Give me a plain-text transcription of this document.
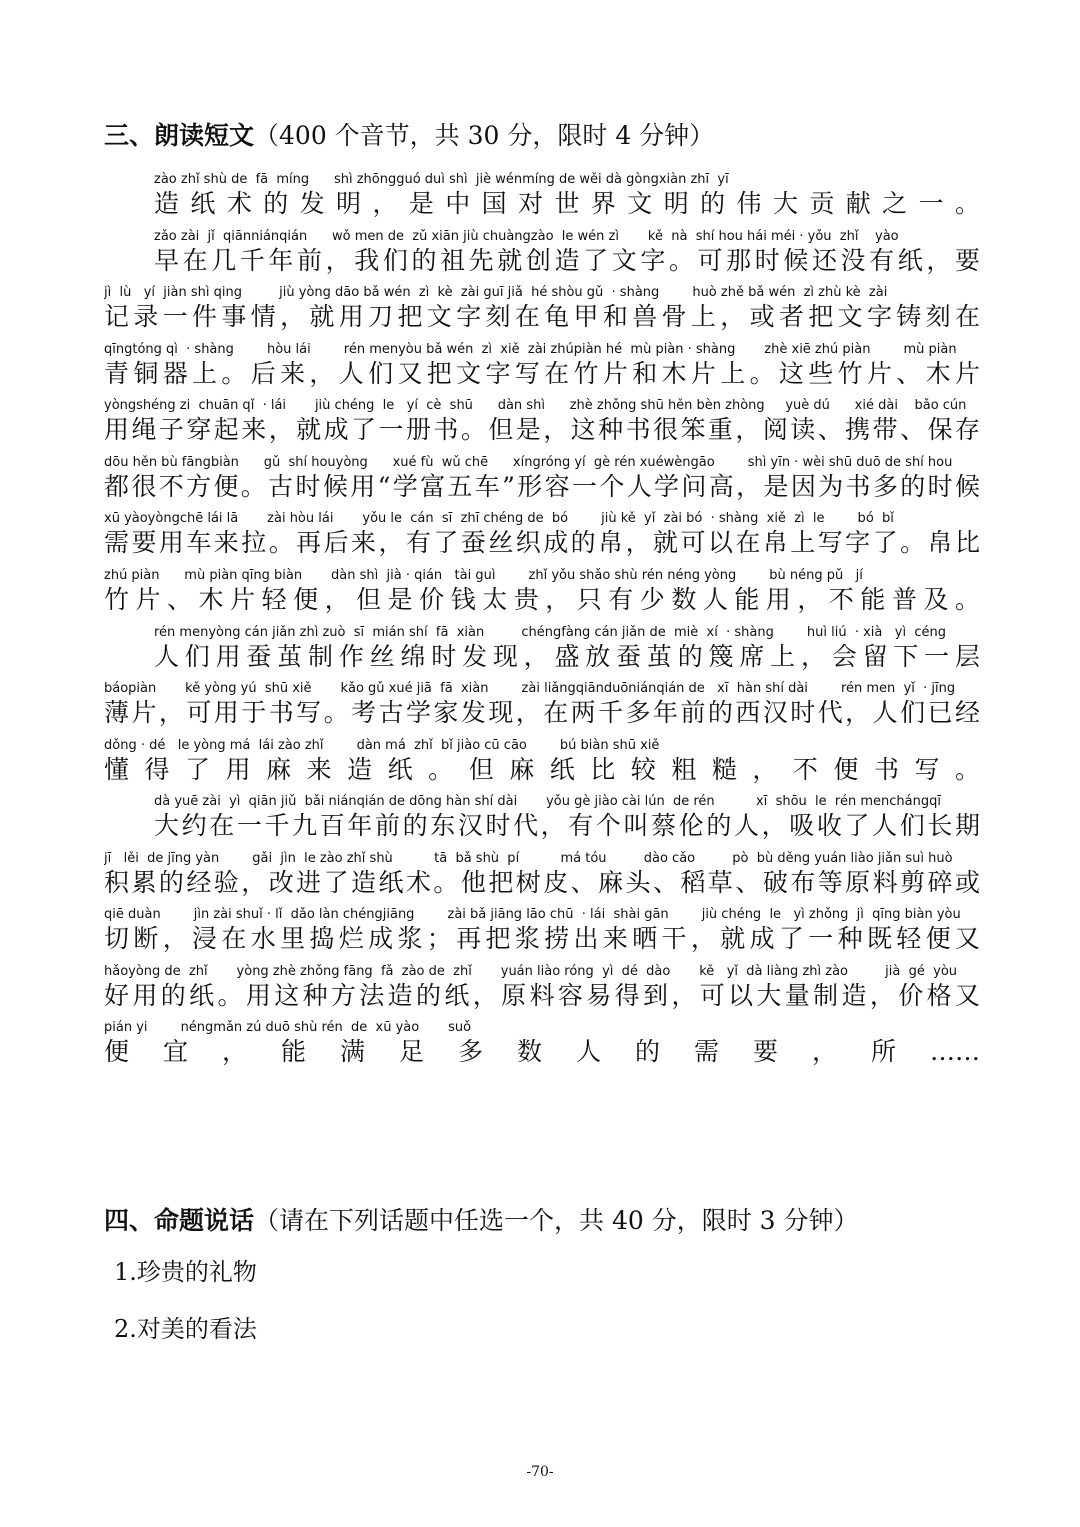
三、朗读短文（400 个音节，共 30 分，限时 4 分钟）
zào zhǐ shù de  fā  míng      shì zhōngguó duì shì  jiè wénmíng de wěi dà gòngxiàn zhī  yī
造纸术的发明，是中国对世界文明的伟大贡献之一。
zǎo zài  jǐ  qiānniánqián      wǒ men de  zǔ xiān jiù chuàngzào  le wén zì       kě  nà  shí hou hái méi · yǒu  zhǐ    yào
早在几千年前，我们的祖先就创造了文字。可那时候还没有纸，要
jì  lù   yí  jiàn shì qing         jiù yòng dāo bǎ wén  zì  kè  zài guī jiǎ  hé shòu gǔ  · shàng        huò zhě bǎ wén  zì zhù kè  zài
记录一件事情，就用刀把文字刻在龟甲和兽骨上，或者把文字铸刻在
qīngtóng qì  · shàng        hòu lái        rén menyòu bǎ wén  zì  xiě  zài zhúpiàn hé  mù piàn · shàng       zhè xiē zhú piàn        mù piàn
青铜器上。后来，人们又把文字写在竹片和木片上。这些竹片、木片
yòngshéng zi  chuān qǐ  · lái       jiù chéng  le   yí  cè  shū      dàn shì      zhè zhǒng shū hěn bèn zhòng     yuè dú      xié dài    bǎo cún
用绳子穿起来，就成了一册书。但是，这种书很笨重，阅读、携带、保存
dōu hěn bù fāngbiàn      gǔ  shí houyòng      xué fù  wǔ chē      xíngróng yí  gè rén xuéwèngāo        shì yīn · wèi shū duō de shí hou
都很不方便。古时候用“学富五车”形容一个人学问高，是因为书多的时候
xū yàoyòngchē lái lā       zài hòu lái       yǒu le  cán  sī  zhī chéng de  bó        jiù kě  yǐ  zài bó  · shàng  xiě  zì  le        bó  bǐ
需要用车来拉。再后来，有了蚕丝织成的帛，就可以在帛上写字了。帛比
zhú piàn      mù piàn qīng biàn       dàn shì  jià · qián   tài guì        zhǐ yǒu shǎo shù rén néng yòng        bù néng pǔ   jí
竹片、木片轻便，但是价钱太贵，只有少数人能用，不能普及。
rén menyòng cán jiǎn zhì zuò  sī  mián shí  fā  xiàn         chéngfàng cán jiǎn de  miè  xí  · shàng        huì liú  · xià   yì  céng
人们用蚕茧制作丝绵时发现，盛放蚕茧的篾席上，会留下一层
báopiàn       kě yòng yú  shū xiě       kǎo gǔ xué jiā  fā  xiàn        zài liǎngqiānduōniánqián de   xī  hàn shí dài        rén men  yǐ  · jīng
薄片，可用于书写。考古学家发现，在两千多年前的西汉时代，人们已经
dǒng · dé   le yòng má  lái zào zhǐ        dàn má  zhǐ  bǐ jiào cū cāo        bú biàn shū xiě
懂得了用麻来造纸。但麻纸比较粗糙，不便书写。
dà yuē zài  yì  qiān jiǔ  bǎi niánqián de dōng hàn shí dài       yǒu gè jiào cài lún  de rén          xī  shōu  le  rén menchángqī
大约在一千九百年前的东汉时代，有个叫蔡伦的人，吸收了人们长期
jī   lěi  de jīng yàn        gǎi  jìn  le zào zhǐ shù          tā  bǎ shù  pí          má tóu         dào cǎo         pò  bù děng yuán liào jiǎn suì huò
积累的经验，改进了造纸术。他把树皮、麻头、稻草、破布等原料剪碎或
qiē duàn        jìn zài shuǐ · lǐ  dǎo làn chéngjiāng        zài bǎ jiāng lāo chū  · lái  shài gān        jiù chéng  le   yì zhǒng  jì  qīng biàn yòu
切断，浸在水里捣烂成浆；再把浆捞出来晒干，就成了一种既轻便又
hǎoyòng de  zhǐ       yòng zhè zhǒng fāng  fǎ  zào de  zhǐ       yuán liào róng  yì  dé  dào       kě   yǐ  dà liàng zhì zào         jià  gé  yòu
好用的纸。用这种方法造的纸，原料容易得到，可以大量制造，价格又
pián yi        néngmǎn zú duō shù rén  de  xū yào       suǒ
便宜，能满足多数人的需要，所……
四、命题说话（请在下列话题中任选一个，共 40 分，限时 3 分钟）
1.珍贵的礼物
2.对美的看法
-70-
